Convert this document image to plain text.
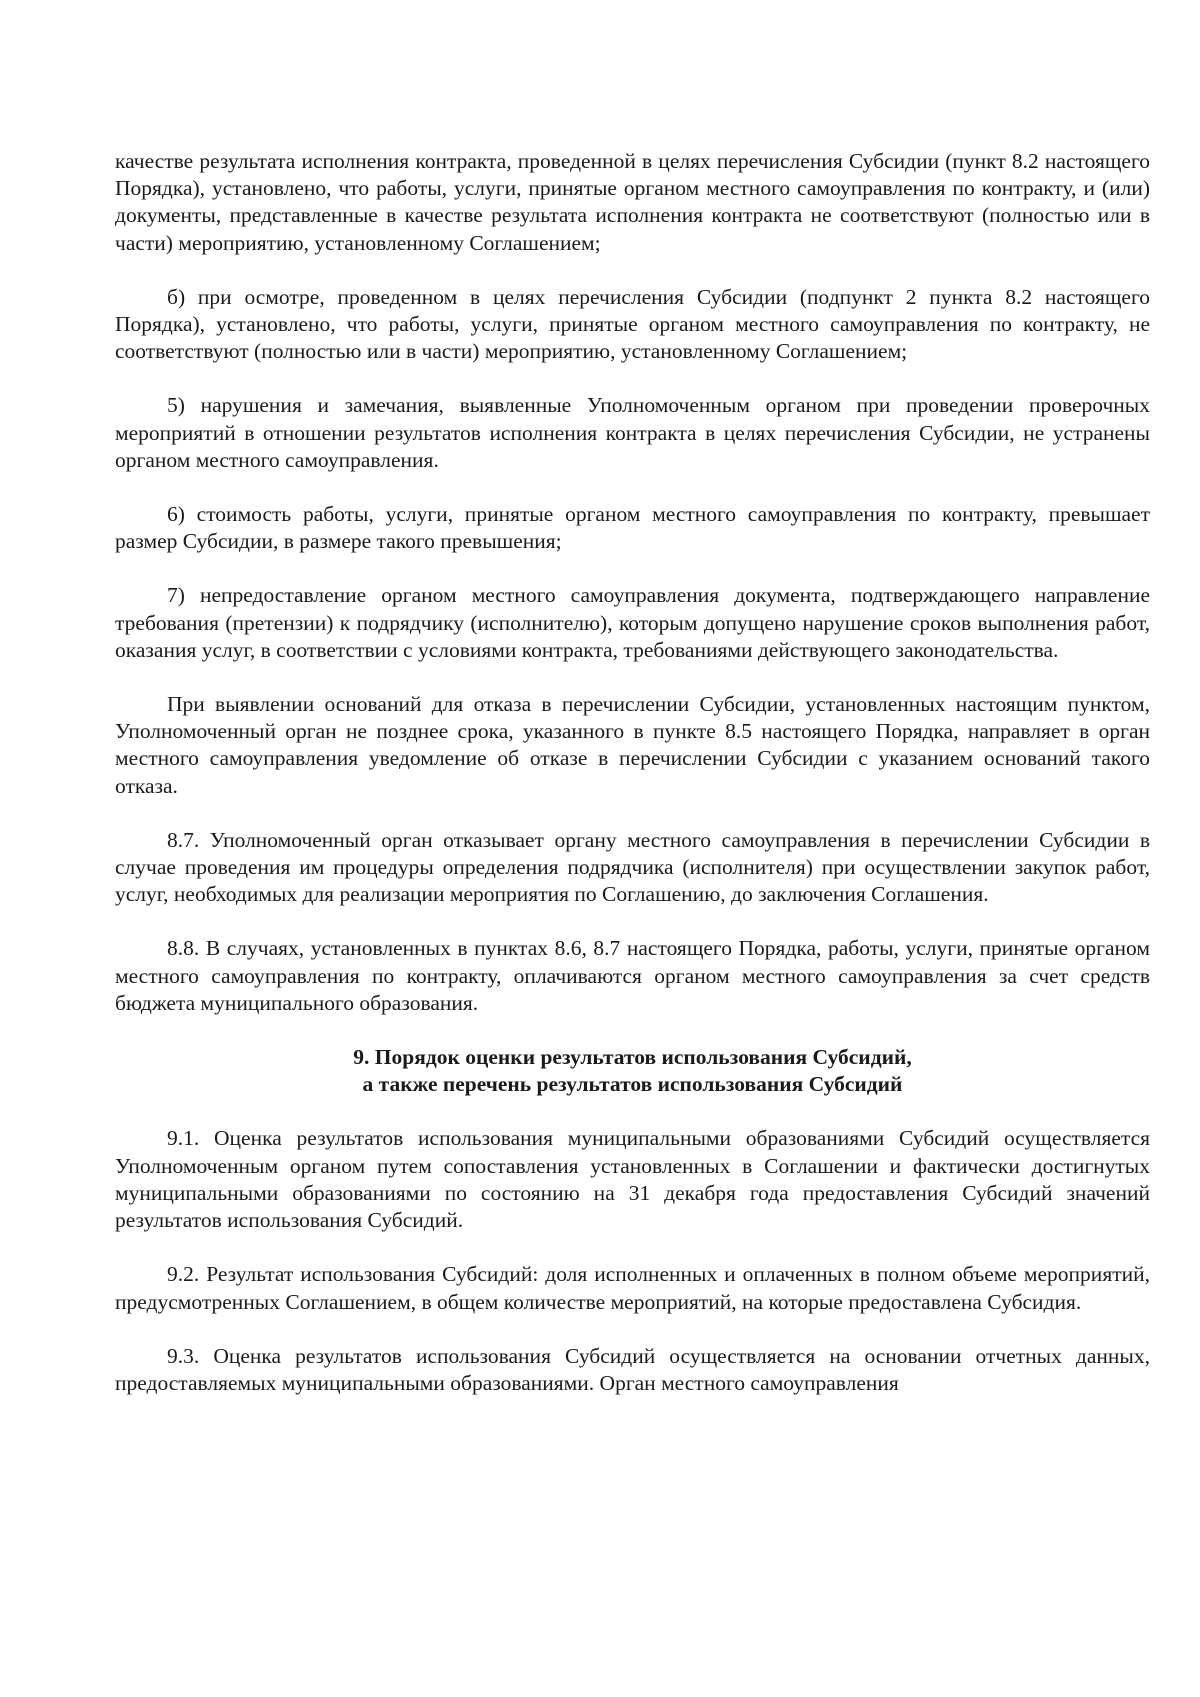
качестве результата исполнения контракта, проведенной в целях перечисления Субсидии (пункт 8.2 настоящего Порядка), установлено, что работы, услуги, принятые органом местного самоуправления по контракту, и (или) документы, представленные в качестве результата исполнения контракта не соответствуют (полностью или в части) мероприятию, установленному Соглашением;

б) при осмотре, проведенном в целях перечисления Субсидии (подпункт 2 пункта 8.2 настоящего Порядка), установлено, что работы, услуги, принятые органом местного самоуправления по контракту, не соответствуют (полностью или в части) мероприятию, установленному Соглашением;

5) нарушения и замечания, выявленные Уполномоченным органом при проведении проверочных мероприятий в отношении результатов исполнения контракта в целях перечисления Субсидии, не устранены органом местного самоуправления.

6) стоимость работы, услуги, принятые органом местного самоуправления по контракту, превышает размер Субсидии, в размере такого превышения;

7) непредоставление органом местного самоуправления документа, подтверждающего направление требования (претензии) к подрядчику (исполнителю), которым допущено нарушение сроков выполнения работ, оказания услуг, в соответствии с условиями контракта, требованиями действующего законодательства.

При выявлении оснований для отказа в перечислении Субсидии, установленных настоящим пунктом, Уполномоченный орган не позднее срока, указанного в пункте 8.5 настоящего Порядка, направляет в орган местного самоуправления уведомление об отказе в перечислении Субсидии с указанием оснований такого отказа.

8.7. Уполномоченный орган отказывает органу местного самоуправления в перечислении Субсидии в случае проведения им процедуры определения подрядчика (исполнителя) при осуществлении закупок работ, услуг, необходимых для реализации мероприятия по Соглашению, до заключения Соглашения.

8.8. В случаях, установленных в пунктах 8.6, 8.7 настоящего Порядка, работы, услуги, принятые органом местного самоуправления по контракту, оплачиваются органом местного самоуправления за счет средств бюджета муниципального образования.

9. Порядок оценки результатов использования Субсидий,
а также перечень результатов использования Субсидий

9.1. Оценка результатов использования муниципальными образованиями Субсидий осуществляется Уполномоченным органом путем сопоставления установленных в Соглашении и фактически достигнутых муниципальными образованиями по состоянию на 31 декабря года предоставления Субсидий значений результатов использования Субсидий.

9.2. Результат использования Субсидий: доля исполненных и оплаченных в полном объеме мероприятий, предусмотренных Соглашением, в общем количестве мероприятий, на которые предоставлена Субсидия.

9.3. Оценка результатов использования Субсидий осуществляется на основании отчетных данных, предоставляемых муниципальными образованиями. Орган местного самоуправления
